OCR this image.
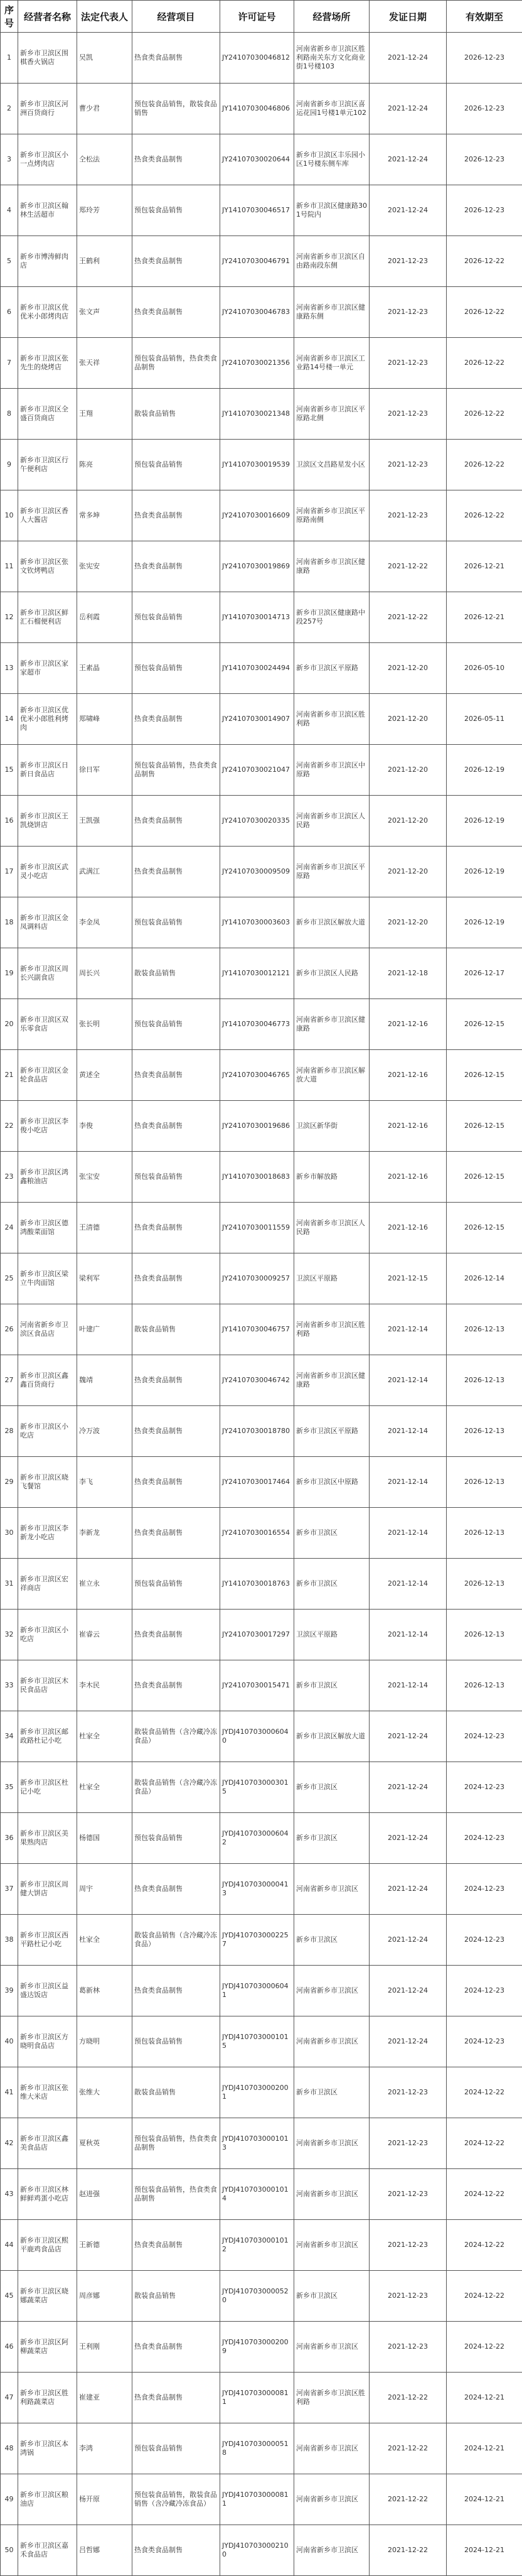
序号	经营者名称	法定代表人	经营项目	许可证号	经营场所	发证日期	有效期至
1	新乡市卫滨区围棋香火锅店	吴凯	热食类食品制售	JY24107030046812	河南省新乡市卫滨区胜利路南关东方文化商业街1号楼103	2021-12-24	2026-12-23
2	新乡市卫滨区河洲百货商行	曹少君	预包装食品销售，散装食品销售	JY14107030046806	河南省新乡市卫滨区喜运花园1号楼1单元102	2021-12-24	2026-12-23
3	新乡市卫滨区小一点烤肉店	仝松法	热食类食品制售	JY24107030020644	新乡市卫滨区丰乐园小区1号楼东侧车库	2021-12-24	2026-12-23
4	新乡市卫滨区翰林生活超市	郑玲芳	预包装食品销售	JY14107030046517	新乡市卫滨区健康路301号院内	2021-12-24	2026-12-23
5	新乡市博涛鲜肉店	王鹤利	热食类食品制售	JY24107030046791	河南省新乡市卫滨区自由路南段东侧	2021-12-23	2026-12-22
6	新乡市卫滨区优优米小郎烤肉店	张文声	热食类食品制售	JY24107030046783	河南省新乡市卫滨区健康路东侧	2021-12-23	2026-12-22
7	新乡市卫滨区张先生的烧烤店	张天祥	预包装食品销售，热食类食品制售	JY24107030021356	河南省新乡市卫滨区工业路14号楼一单元	2021-12-23	2026-12-22
8	新乡市卫滨区全盛百货商店	王翔	散装食品销售	JY14107030021348	河南省新乡市卫滨区平原路北侧	2021-12-23	2026-12-22
9	新乡市卫滨区行午便利店	陈亮	预包装食品销售	JY14107030019539	卫滨区文昌路星发小区	2021-12-23	2026-12-22
10	新乡市卫滨区香人大酱店	常多坤	热食类食品制售	JY24107030016609	河南省新乡市卫滨区平原路南侧	2021-12-23	2026-12-22
11	新乡市卫滨区张文钦烤鸭店	张宪安	热食类食品制售	JY24107030019869	河南省新乡市卫滨区健康路	2021-12-22	2026-12-21
12	新乡市卫滨区鲜汇石榴便利店	岳利霞	预包装食品销售	JY14107030014713	新乡市卫滨区健康路中段257号	2021-12-22	2026-12-21
13	新乡市卫滨区家家超市	王素晶	预包装食品销售	JY14107030024494	新乡市卫滨区平原路	2021-12-20	2026-05-10
14	新乡市卫滨区优优米小郎胜利烤肉	郑啸峰	热食类食品制售	JY24107030014907	河南省新乡市卫滨区胜利路	2021-12-20	2026-05-11
15	新乡市卫滨区日新日食品店	徐日军	预包装食品销售，热食类食品制售	JY24107030021047	河南省新乡市卫滨区中原路	2021-12-20	2026-12-19
16	新乡市卫滨区王凯烧饼店	王凯强	热食类食品制售	JY24107030020335	河南省新乡市卫滨区人民路	2021-12-20	2026-12-19
17	新乡市卫滨区武灵小吃店	武满江	热食类食品制售	JY24107030009509	河南省新乡市卫滨区平原路	2021-12-20	2026-12-19
18	新乡市卫滨区金凤调料店	李金凤	预包装食品销售	JY14107030003603	新乡市卫滨区解放大道	2021-12-20	2026-12-19
19	新乡市卫滨区周长兴副食店	周长兴	散装食品销售	JY14107030012121	新乡市卫滨区人民路	2021-12-18	2026-12-17
20	新乡市卫滨区双乐零食店	张长明	预包装食品销售	JY14107030046773	河南省新乡市卫滨区健康路	2021-12-16	2026-12-15
21	新乡市卫滨区金轮食品店	黄述全	热食类食品制售	JY24107030046765	河南省新乡市卫滨区解放大道	2021-12-16	2026-12-15
22	新乡市卫滨区李俊小吃店	李俊	热食类食品制售	JY24107030019686	卫滨区新华街	2021-12-16	2026-12-15
23	新乡市卫滨区鸿鑫粮油店	张宝安	预包装食品销售	JY14107030018683	新乡市解放路	2021-12-16	2026-12-15
24	新乡市卫滨区德鸿酸菜面馆	王清德	热食类食品制售	JY24107030011559	河南省新乡市卫滨区人民路	2021-12-16	2026-12-15
25	新乡市卫滨区梁立牛肉面馆	梁利军	热食类食品制售	JY24107030009257	卫滨区平原路	2021-12-15	2026-12-14
26	河南省新乡市卫滨区食品店	叶建广	散装食品销售	JY14107030046757	河南省新乡市卫滨区胜利路	2021-12-14	2026-12-13
27	新乡市卫滨区鑫鑫百货商行	魏靖	热食类食品制售	JY24107030046742	河南省新乡市卫滨区健康路	2021-12-14	2026-12-13
28	新乡市卫滨区小吃店	冷万波	热食类食品制售	JY24107030018780	新乡市卫滨区平原路	2021-12-14	2026-12-13
29	新乡市卫滨区晓飞餐馆	李飞	热食类食品制售	JY24107030017464	新乡市卫滨区中原路	2021-12-14	2026-12-13
30	新乡市卫滨区李新龙小吃店	李新龙	热食类食品制售	JY24107030016554	新乡市卫滨区	2021-12-14	2026-12-13
31	新乡市卫滨区宏祥商店	崔立永	预包装食品销售	JY14107030018763	新乡市卫滨区	2021-12-14	2026-12-13
32	新乡市卫滨区小吃店	崔睿云	热食类食品制售	JY24107030017297	卫滨区平原路	2021-12-14	2026-12-13
33	新乡市卫滨区木民食品店	李木民	热食类食品制售	JY24107030015471	新乡市卫滨区	2021-12-14	2026-12-13
34	新乡市卫滨区邮政路杜记小吃	杜家全	散装食品销售（含冷藏冷冻食品）	JYDJ4107030006040	新乡市卫滨区解放大道	2021-12-24	2024-12-23
35	新乡市卫滨区杜记小吃	杜家全	散装食品销售（含冷藏冷冻食品）	JYDJ4107030003015	新乡市卫滨区	2021-12-24	2024-12-23
36	新乡市卫滨区美果熟肉店	杨德国	预包装食品销售	JYDJ4107030006042	新乡市卫滨区	2021-12-24	2024-12-23
37	新乡市卫滨区周健大饼店	周宇	热食类食品制售	JYDJ4107030000413	河南省新乡市卫滨区	2021-12-24	2024-12-23
38	新乡市卫滨区西平路杜记小吃	杜家全	散装食品销售（含冷藏冷冻食品）	JYDJ4107030002257	新乡市卫滨区	2021-12-24	2024-12-23
39	新乡市卫滨区益盛达饭店	葛新林	热食类食品制售	JYDJ4107030006041	河南省新乡市卫滨区	2021-12-24	2024-12-23
40	新乡市卫滨区方晓明食品店	方晓明	预包装食品销售	JYDJ4107030001015	河南省新乡市卫滨区	2021-12-24	2024-12-23
41	新乡市卫滨区张维大米店	张维大	散装食品销售	JYDJ4107030002001	新乡市卫滨区	2021-12-23	2024-12-22
42	新乡市卫滨区鑫美食品店	夏秋英	预包装食品销售，热食类食品制售	JYDJ4107030001013	河南省新乡市卫滨区	2021-12-23	2024-12-22
43	新乡市卫滨区林鲜鲜鸡蛋小吃店	赵进强	预包装食品销售，热食类食品制售	JYDJ4107030001014	河南省新乡市卫滨区	2021-12-23	2024-12-22
44	新乡市卫滨区熙平鹿鸡食品店	王新德	热食类食品制售	JYDJ4107030001012	河南省新乡市卫滨区	2021-12-23	2024-12-22
45	新乡市卫滨区晓娜蔬菜店	周彦娜	散装食品销售	JYDJ4107030000520	新乡市卫滨区	2021-12-23	2024-12-22
46	新乡市卫滨区阿柳蔬菜店	王利刚	热食类食品制售	JYDJ4107030002009	河南省新乡市卫滨区	2021-12-23	2024-12-22
47	新乡市卫滨区胜利路蔬菜店	崔建亚	热食类食品制售	JYDJ4107030000811	河南省新乡市卫滨区胜利路	2021-12-22	2024-12-21
48	新乡市卫滨区本鸿锅	李鸿	预包装食品销售	JYDJ4107030000518	河南省新乡市卫滨区	2021-12-22	2024-12-21
49	新乡市卫滨区粮油店	杨开原	预包装食品销售，散装食品销售（含冷藏冷冻食品）	JYDJ4107030000811	河南省新乡市卫滨区	2021-12-22	2024-12-21
50	新乡市卫滨区嘉禾食品店	吕哲娜	热食类食品制售	JYDJ4107030002100	河南省新乡市卫滨区	2021-12-22	2024-12-21
